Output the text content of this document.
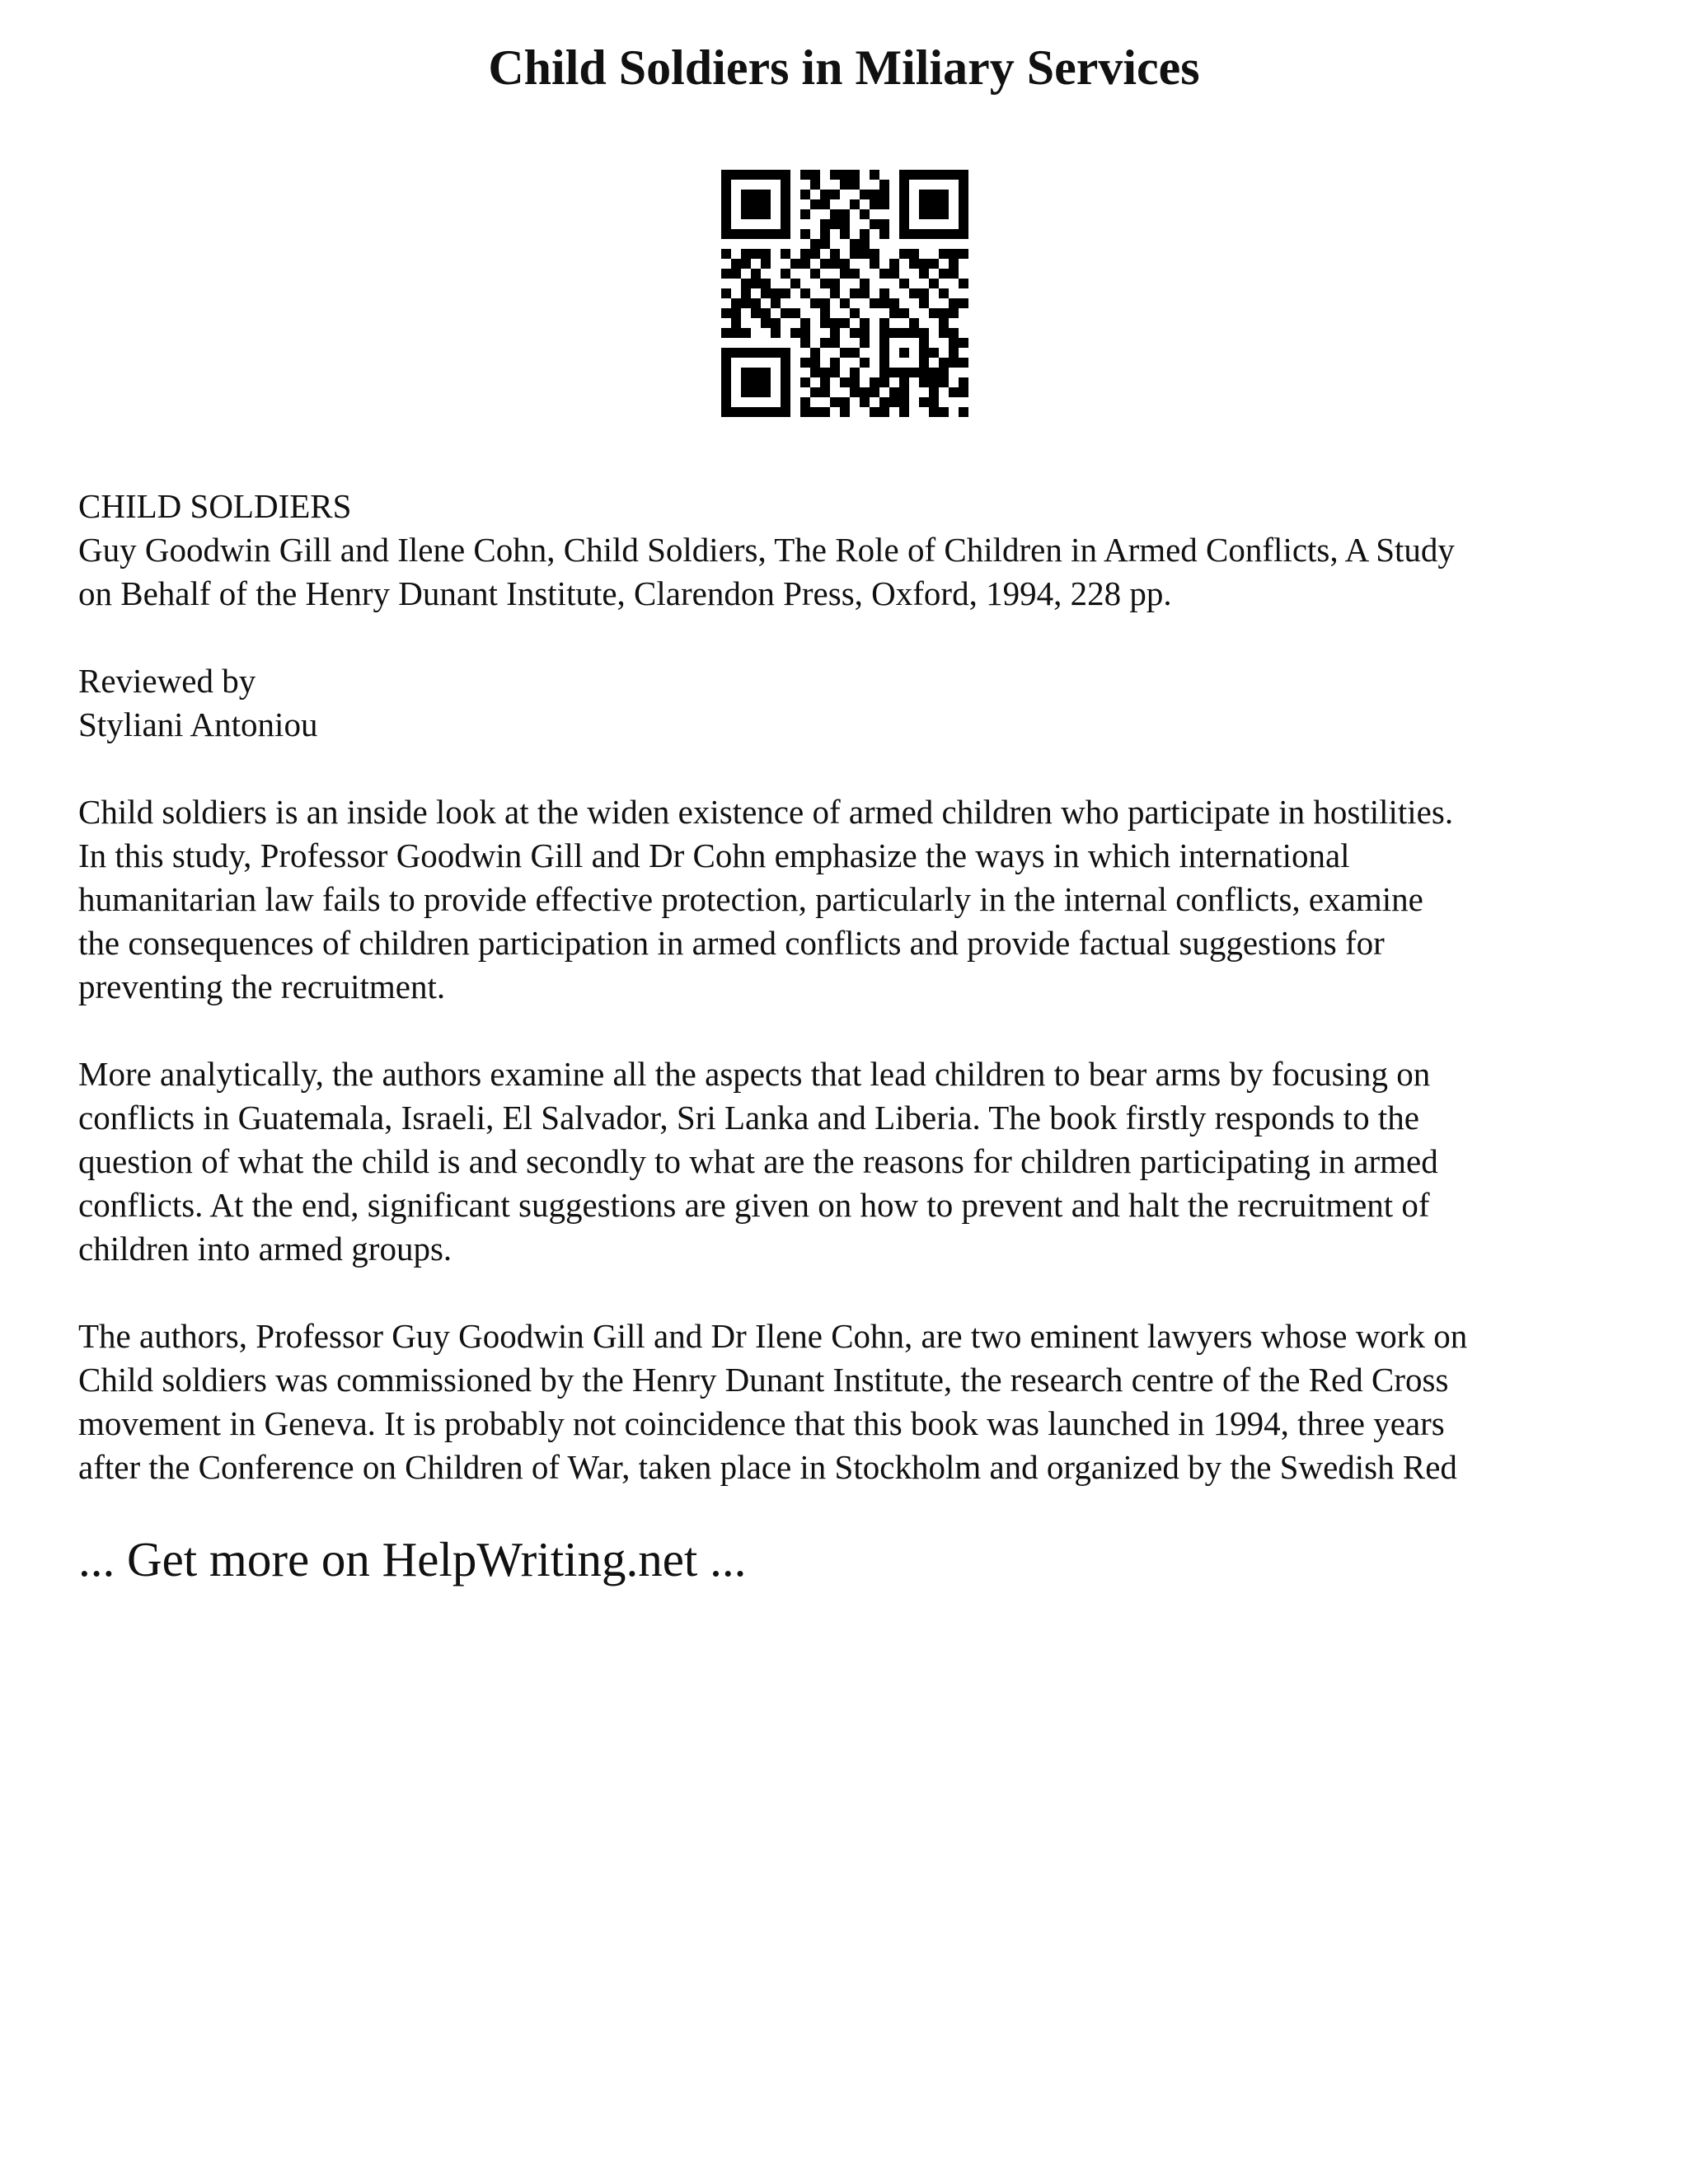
Child Soldiers in Miliary Services

CHILD SOLDIERS
Guy Goodwin Gill and Ilene Cohn, Child Soldiers, The Role of Children in Armed Conflicts, A Study
on Behalf of the Henry Dunant Institute, Clarendon Press, Oxford, 1994, 228 pp.

Reviewed by
Styliani Antoniou

Child soldiers is an inside look at the widen existence of armed children who participate in hostilities.
In this study, Professor Goodwin Gill and Dr Cohn emphasize the ways in which international
humanitarian law fails to provide effective protection, particularly in the internal conflicts, examine
the consequences of children participation in armed conflicts and provide factual suggestions for
preventing the recruitment.

More analytically, the authors examine all the aspects that lead children to bear arms by focusing on
conflicts in Guatemala, Israeli, El Salvador, Sri Lanka and Liberia. The book firstly responds to the
question of what the child is and secondly to what are the reasons for children participating in armed
conflicts. At the end, significant suggestions are given on how to prevent and halt the recruitment of
children into armed groups.

The authors, Professor Guy Goodwin Gill and Dr Ilene Cohn, are two eminent lawyers whose work on
Child soldiers was commissioned by the Henry Dunant Institute, the research centre of the Red Cross
movement in Geneva. It is probably not coincidence that this book was launched in 1994, three years
after the Conference on Children of War, taken place in Stockholm and organized by the Swedish Red

... Get more on HelpWriting.net ...
